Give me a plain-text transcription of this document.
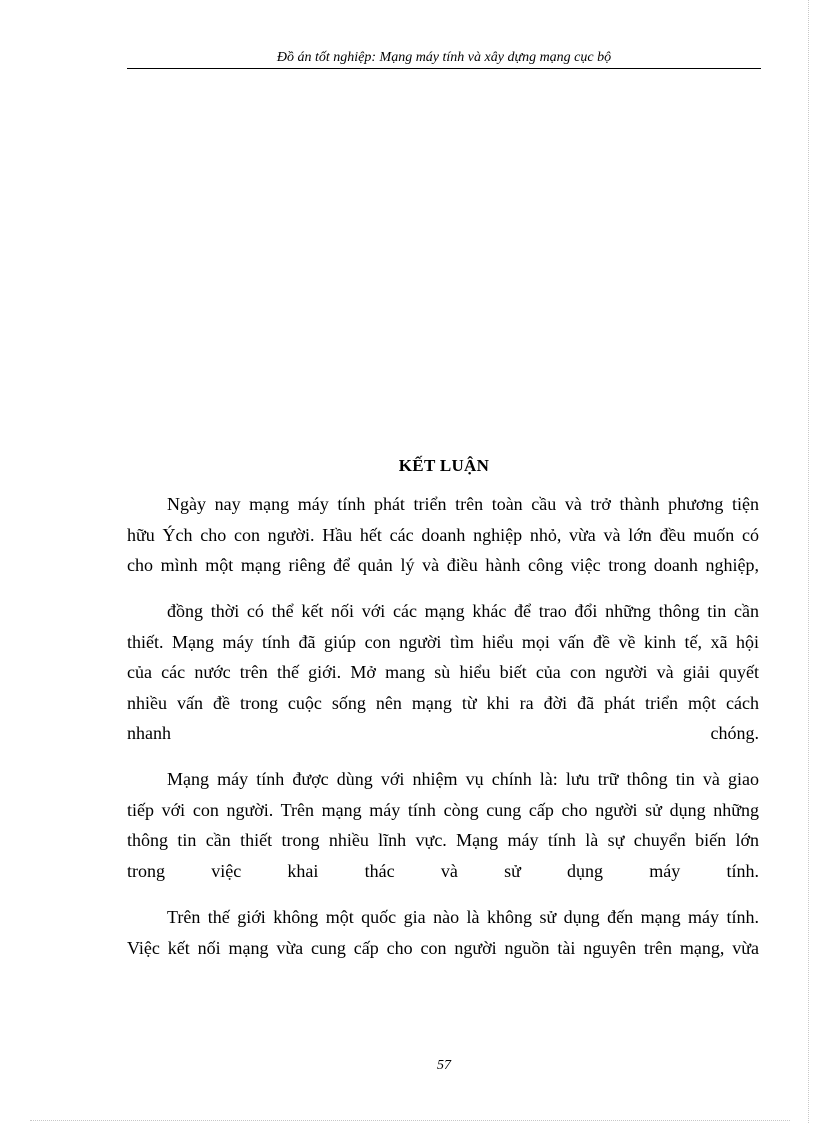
Đồ án tốt nghiệp: Mạng máy tính và xây dựng mạng cục bộ
KẾT LUẬN
Ngày nay mạng máy tính phát triển trên toàn cầu và trở thành phương tiện
hữu Ých cho con người. Hầu hết các doanh nghiệp nhỏ, vừa và lớn đều muốn có
cho mình một mạng riêng để quản lý và điều hành công việc trong doanh nghiệp,
đồng thời có thể kết nối với các mạng khác để trao đổi những thông tin cần
thiết. Mạng máy tính đã giúp con người tìm hiểu mọi vấn đề về kinh tế, xã hội
của các nước trên thế giới. Mở mang sù hiểu biết của con người và giải quyết
nhiều vấn đề trong cuộc sống nên mạng từ khi ra đời đã phát triển một cách
nhanh	chóng.
Mạng máy tính được dùng với nhiệm vụ chính là: lưu trữ thông tin và giao
tiếp với con người. Trên mạng máy tính còng cung cấp cho người sử dụng những
thông tin cần thiết trong nhiều lĩnh vực. Mạng máy tính là sự chuyển biến lớn
trong	việc	khai	thác	và	sử	dụng	máy	tính.
Trên thế giới không một quốc gia nào là không sử dụng đến mạng máy tính.
Việc kết nối mạng vừa cung cấp cho con người nguồn tài nguyên trên mạng, vừa
57
